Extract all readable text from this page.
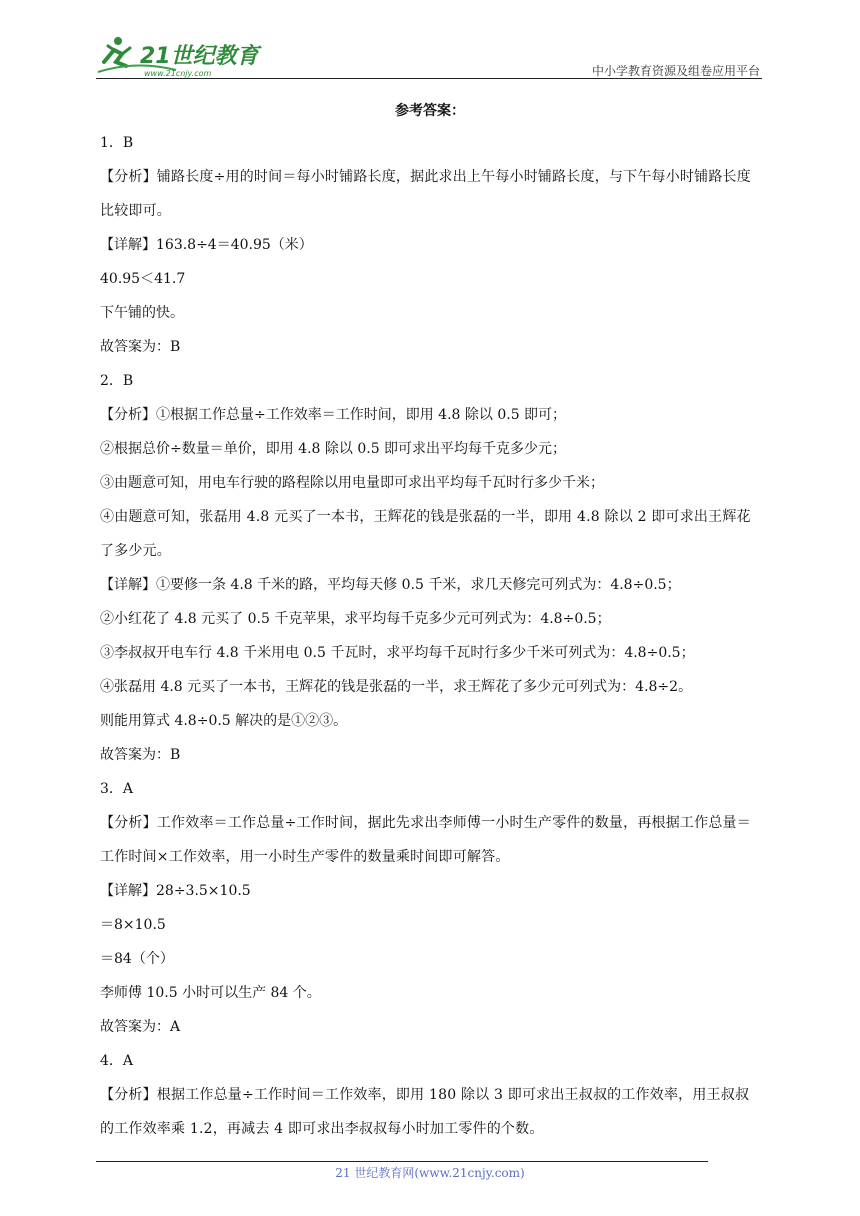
21世纪教育
www.21cnjy.com	中小学教育资源及组卷应用平台
参考答案：
1．B
【分析】铺路长度÷用的时间＝每小时铺路长度，据此求出上午每小时铺路长度，与下午每小时铺路长度比较即可。
【详解】163.8÷4＝40.95（米）
40.95＜41.7
下午铺的快。
故答案为：B
2．B
【分析】①根据工作总量÷工作效率＝工作时间，即用 4.8 除以 0.5 即可；
②根据总价÷数量＝单价，即用 4.8 除以 0.5 即可求出平均每千克多少元；
③由题意可知，用电车行驶的路程除以用电量即可求出平均每千瓦时行多少千米；
④由题意可知，张磊用 4.8 元买了一本书，王辉花的钱是张磊的一半，即用 4.8 除以 2 即可求出王辉花了多少元。
【详解】①要修一条 4.8 千米的路，平均每天修 0.5 千米，求几天修完可列式为：4.8÷0.5；
②小红花了 4.8 元买了 0.5 千克苹果，求平均每千克多少元可列式为：4.8÷0.5；
③李叔叔开电车行 4.8 千米用电 0.5 千瓦时，求平均每千瓦时行多少千米可列式为：4.8÷0.5；
④张磊用 4.8 元买了一本书，王辉花的钱是张磊的一半，求王辉花了多少元可列式为：4.8÷2。
则能用算式 4.8÷0.5 解决的是①②③。
故答案为：B
3．A
【分析】工作效率＝工作总量÷工作时间，据此先求出李师傅一小时生产零件的数量，再根据工作总量＝工作时间×工作效率，用一小时生产零件的数量乘时间即可解答。
【详解】28÷3.5×10.5
＝8×10.5
＝84（个）
李师傅 10.5 小时可以生产 84 个。
故答案为：A
4．A
【分析】根据工作总量÷工作时间＝工作效率，即用 180 除以 3 即可求出王叔叔的工作效率，用王叔叔的工作效率乘 1.2，再减去 4 即可求出李叔叔每小时加工零件的个数。
21 世纪教育网(www.21cnjy.com)
